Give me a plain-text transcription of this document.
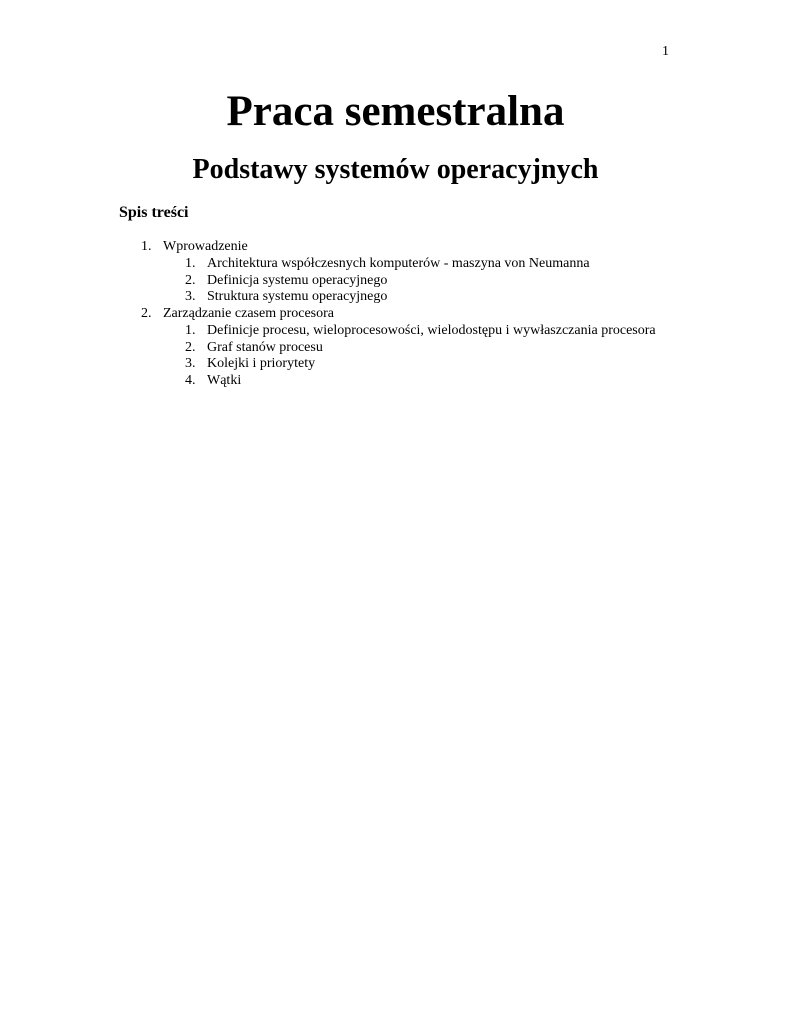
1
Praca semestralna
Podstawy systemów operacyjnych
Spis treści
1. Wprowadzenie
1. Architektura współczesnych komputerów - maszyna von Neumanna
2. Definicja systemu operacyjnego
3. Struktura systemu operacyjnego
2. Zarządzanie czasem procesora
1. Definicje procesu, wieloprocesowości, wielodostępu i wywłaszczania procesora
2. Graf stanów procesu
3. Kolejki i priorytety
4. Wątki
